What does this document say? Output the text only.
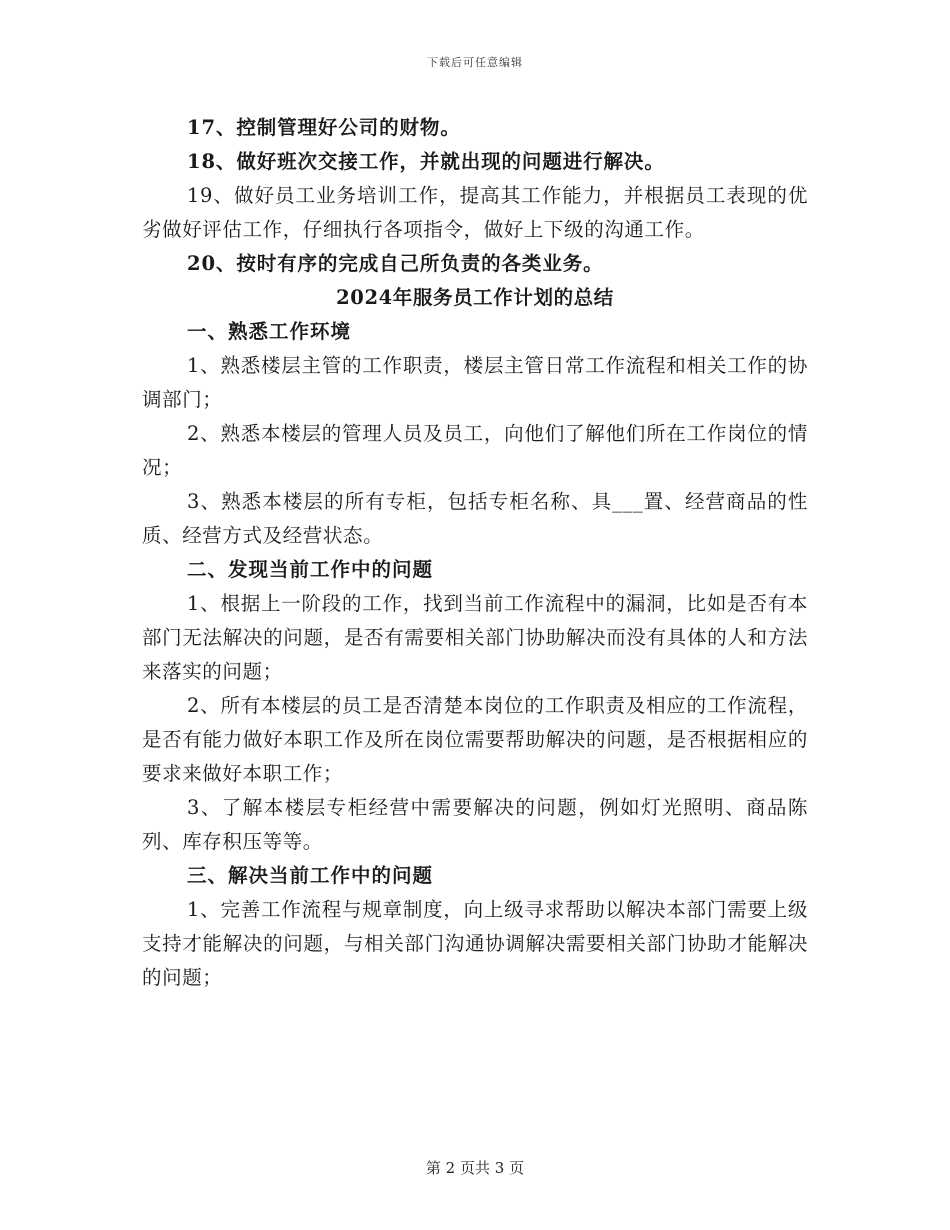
下载后可任意编辑

17、控制管理好公司的财物。

18、做好班次交接工作，并就出现的问题进行解决。

19、做好员工业务培训工作，提高其工作能力，并根据员工表现的优劣做好评估工作，仔细执行各项指令，做好上下级的沟通工作。

20、按时有序的完成自己所负责的各类业务。

2024年服务员工作计划的总结

一、熟悉工作环境

1、熟悉楼层主管的工作职责，楼层主管日常工作流程和相关工作的协调部门；

2、熟悉本楼层的管理人员及员工，向他们了解他们所在工作岗位的情况；

3、熟悉本楼层的所有专柜，包括专柜名称、具___置、经营商品的性质、经营方式及经营状态。

二、发现当前工作中的问题

1、根据上一阶段的工作，找到当前工作流程中的漏洞，比如是否有本部门无法解决的问题，是否有需要相关部门协助解决而没有具体的人和方法来落实的问题；

2、所有本楼层的员工是否清楚本岗位的工作职责及相应的工作流程，是否有能力做好本职工作及所在岗位需要帮助解决的问题，是否根据相应的要求来做好本职工作；

3、了解本楼层专柜经营中需要解决的问题，例如灯光照明、商品陈列、库存积压等等。

三、解决当前工作中的问题

1、完善工作流程与规章制度，向上级寻求帮助以解决本部门需要上级支持才能解决的问题，与相关部门沟通协调解决需要相关部门协助才能解决的问题；

第 2 页共 3 页
